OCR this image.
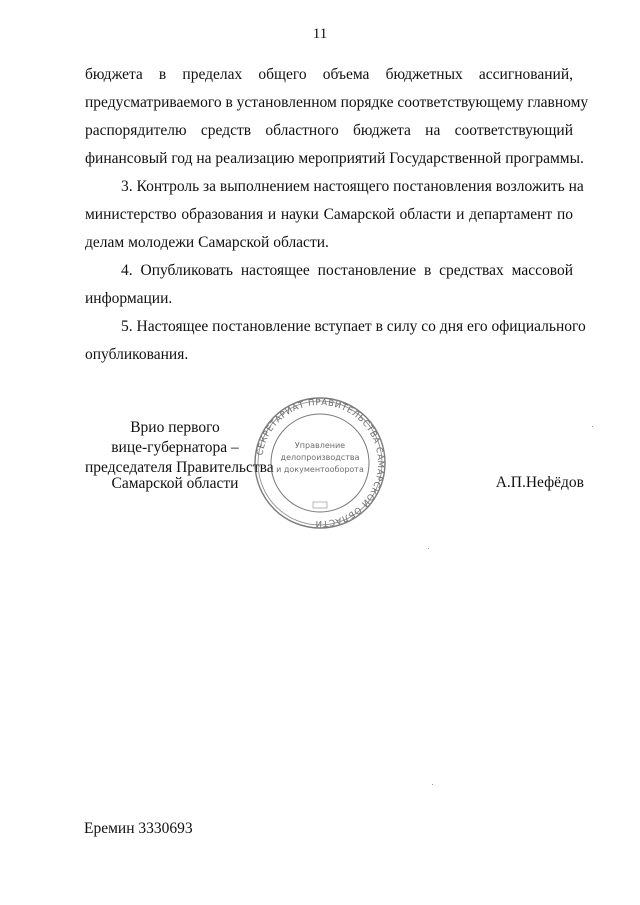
11
бюджета в пределах общего объема бюджетных ассигнований,
предусматриваемого в установленном порядке соответствующему главному
распорядителю средств областного бюджета на соответствующий
финансовый год на реализацию мероприятий Государственной программы.
3. Контроль за выполнением настоящего постановления возложить на
министерство образования и науки Самарской области и департамент по
делам молодежи Самарской области.
4. Опубликовать настоящее постановление в средствах массовой
информации.
5. Настоящее постановление вступает в силу со дня его официального
опубликования.
Врио первого
вице-губернатора –
председателя Правительства
Самарской области
СЕКРЕТАРИАТ ПРАВИТЕЛЬСТВА САМАРСКОЙ ОБЛАСТИ
Управление
делопроизводства
и документооборота
А.П.Нефёдов
Еремин 3330693
